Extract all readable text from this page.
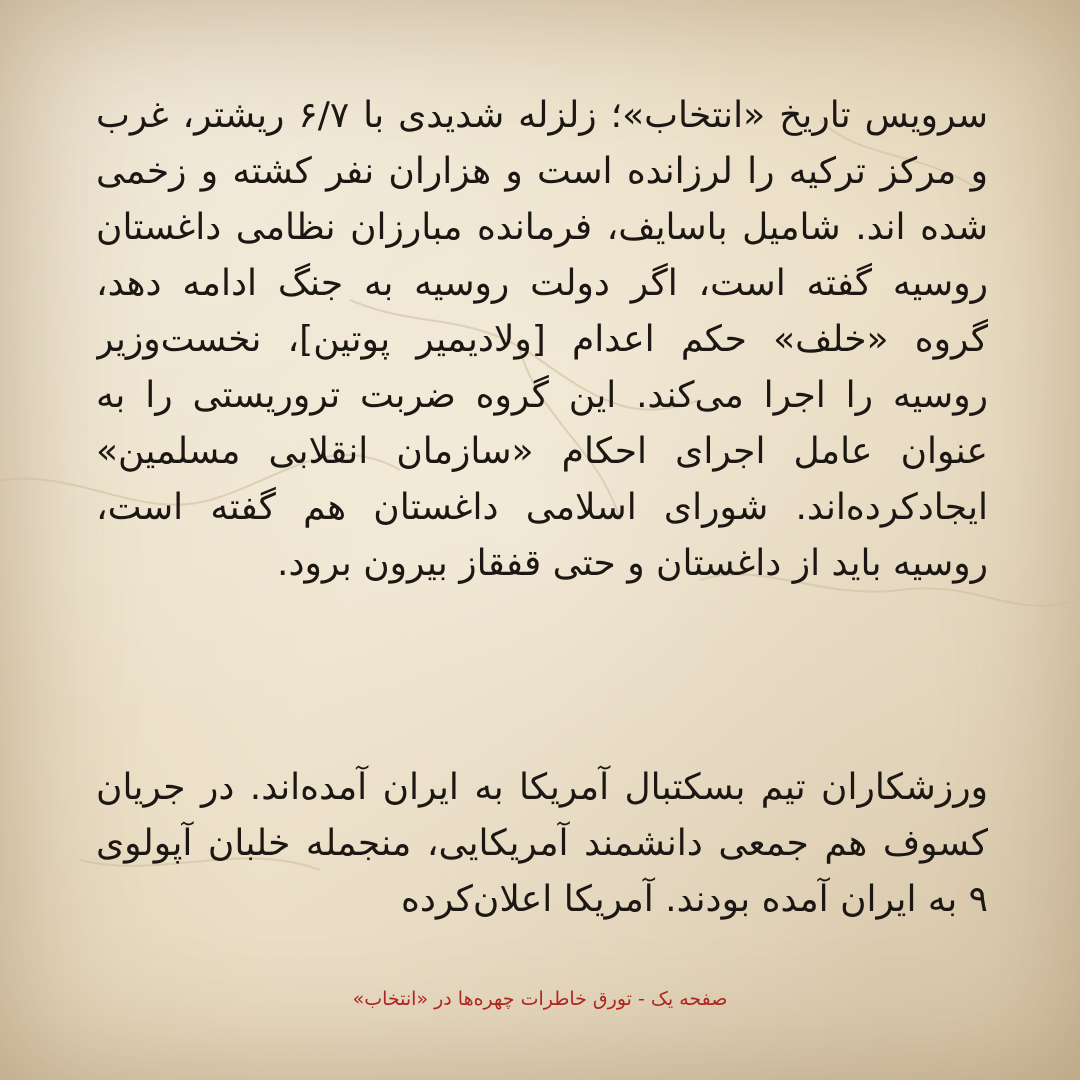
سرویس تاریخ «انتخاب»؛ زلزله شدیدی با ۶/۷ ریشتر، غرب و مرکز ترکیه را لرزانده است و هزاران نفر کشته و زخمی شده اند. شامیل باسایف، فرمانده مبارزان نظامی داغستان روسیه گفته است، اگر دولت روسیه به جنگ ادامه دهد، گروه «خلف» حکم اعدام [ولادیمیر پوتین]، نخست‌وزیر روسیه را اجرا می‌کند. این گروه ضربت تروریستی را به عنوان عامل اجرای احکام «سازمان انقلابی مسلمین» ایجادکرده‌اند. شورای اسلامی داغستان هم گفته است، روسیه باید از داغستان و حتی قفقاز بیرون برود.

ورزشکاران تیم بسکتبال آمریکا به ایران آمده‌اند. در جریان کسوف هم جمعی دانشمند آمریکایی، منجمله خلبان آپولوی ۹ به ایران آمده بودند. آمریکا اعلان‌کرده

صفحه یک - تورق خاطرات چهره‌ها در «انتخاب»
